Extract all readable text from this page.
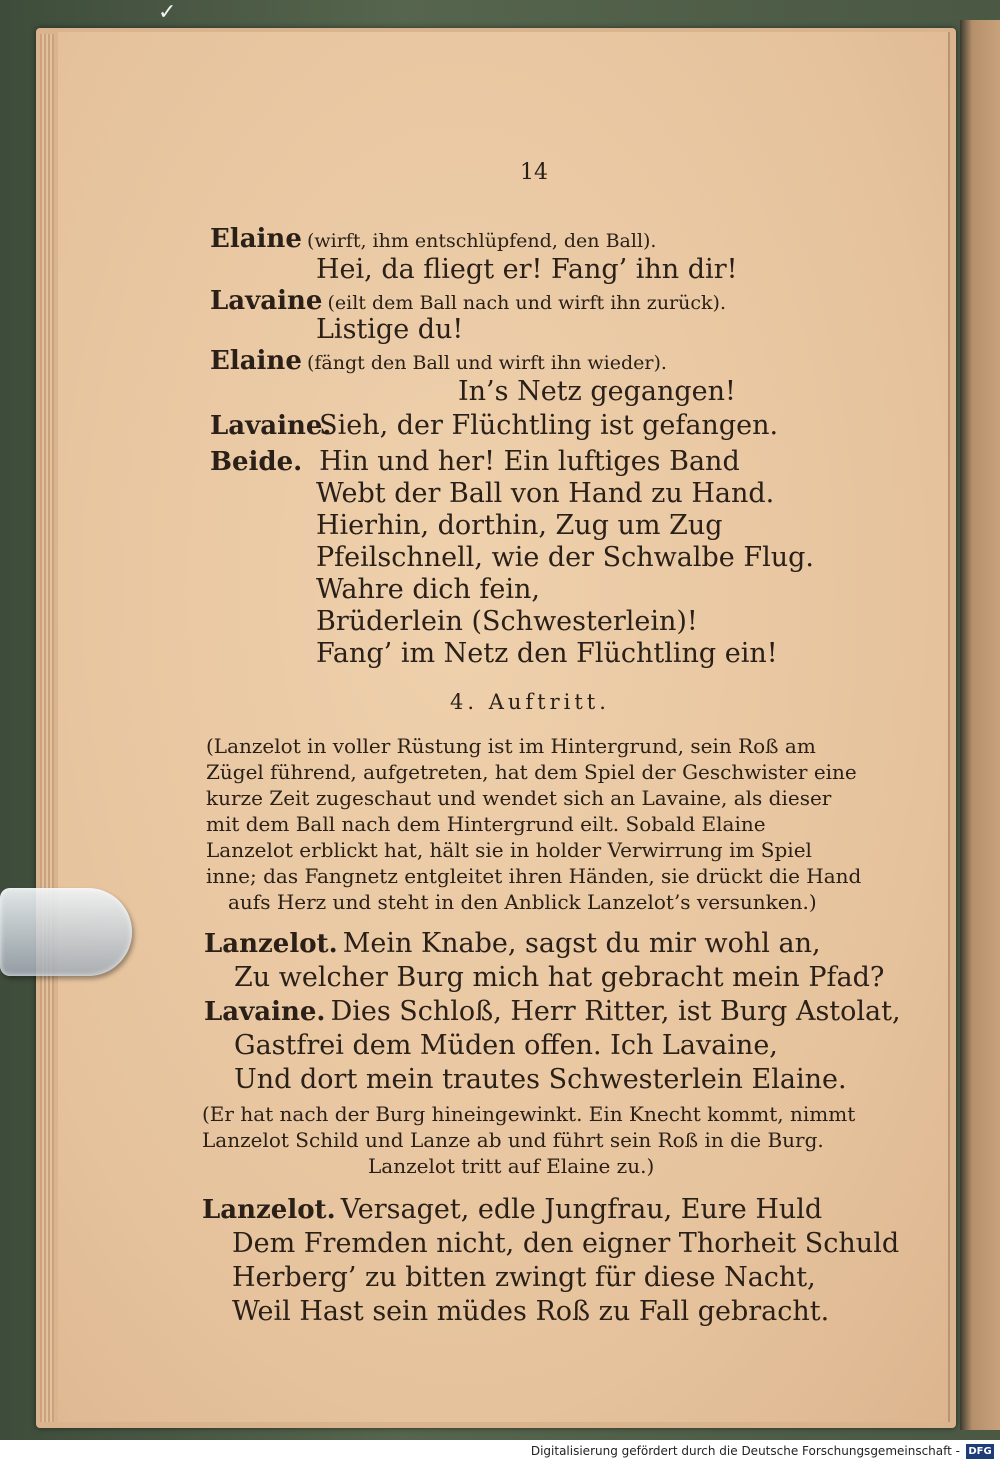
✓
14
Elaine (wirft, ihm entschlüpfend, den Ball).
Hei, da fliegt er! Fang’ ihn dir!
Lavaine (eilt dem Ball nach und wirft ihn zurück).
Listige du!
Elaine (fängt den Ball und wirft ihn wieder).
In’s Netz gegangen!
Lavaine. Sieh, der Flüchtling ist gefangen.
Beide. Hin und her! Ein luftiges Band
Webt der Ball von Hand zu Hand.
Hierhin, dorthin, Zug um Zug
Pfeilschnell, wie der Schwalbe Flug.
Wahre dich fein,
Brüderlein (Schwesterlein)!
Fang’ im Netz den Flüchtling ein!
4. Auftritt.
(Lanzelot in voller Rüstung ist im Hintergrund, sein Roß am
Zügel führend, aufgetreten, hat dem Spiel der Geschwister eine
kurze Zeit zugeschaut und wendet sich an Lavaine, als dieser
mit dem Ball nach dem Hintergrund eilt. Sobald Elaine
Lanzelot erblickt hat, hält sie in holder Verwirrung im Spiel
inne; das Fangnetz entgleitet ihren Händen, sie drückt die Hand
aufs Herz und steht in den Anblick Lanzelot’s versunken.)
Lanzelot. Mein Knabe, sagst du mir wohl an,
Zu welcher Burg mich hat gebracht mein Pfad?
Lavaine. Dies Schloß, Herr Ritter, ist Burg Astolat,
Gastfrei dem Müden offen. Ich Lavaine,
Und dort mein trautes Schwesterlein Elaine.
(Er hat nach der Burg hineingewinkt. Ein Knecht kommt, nimmt
Lanzelot Schild und Lanze ab und führt sein Roß in die Burg.
Lanzelot tritt auf Elaine zu.)
Lanzelot. Versaget, edle Jungfrau, Eure Huld
Dem Fremden nicht, den eigner Thorheit Schuld
Herberg’ zu bitten zwingt für diese Nacht,
Weil Hast sein müdes Roß zu Fall gebracht.
Digitalisierung gefördert durch die Deutsche Forschungsgemeinschaft - DFG
